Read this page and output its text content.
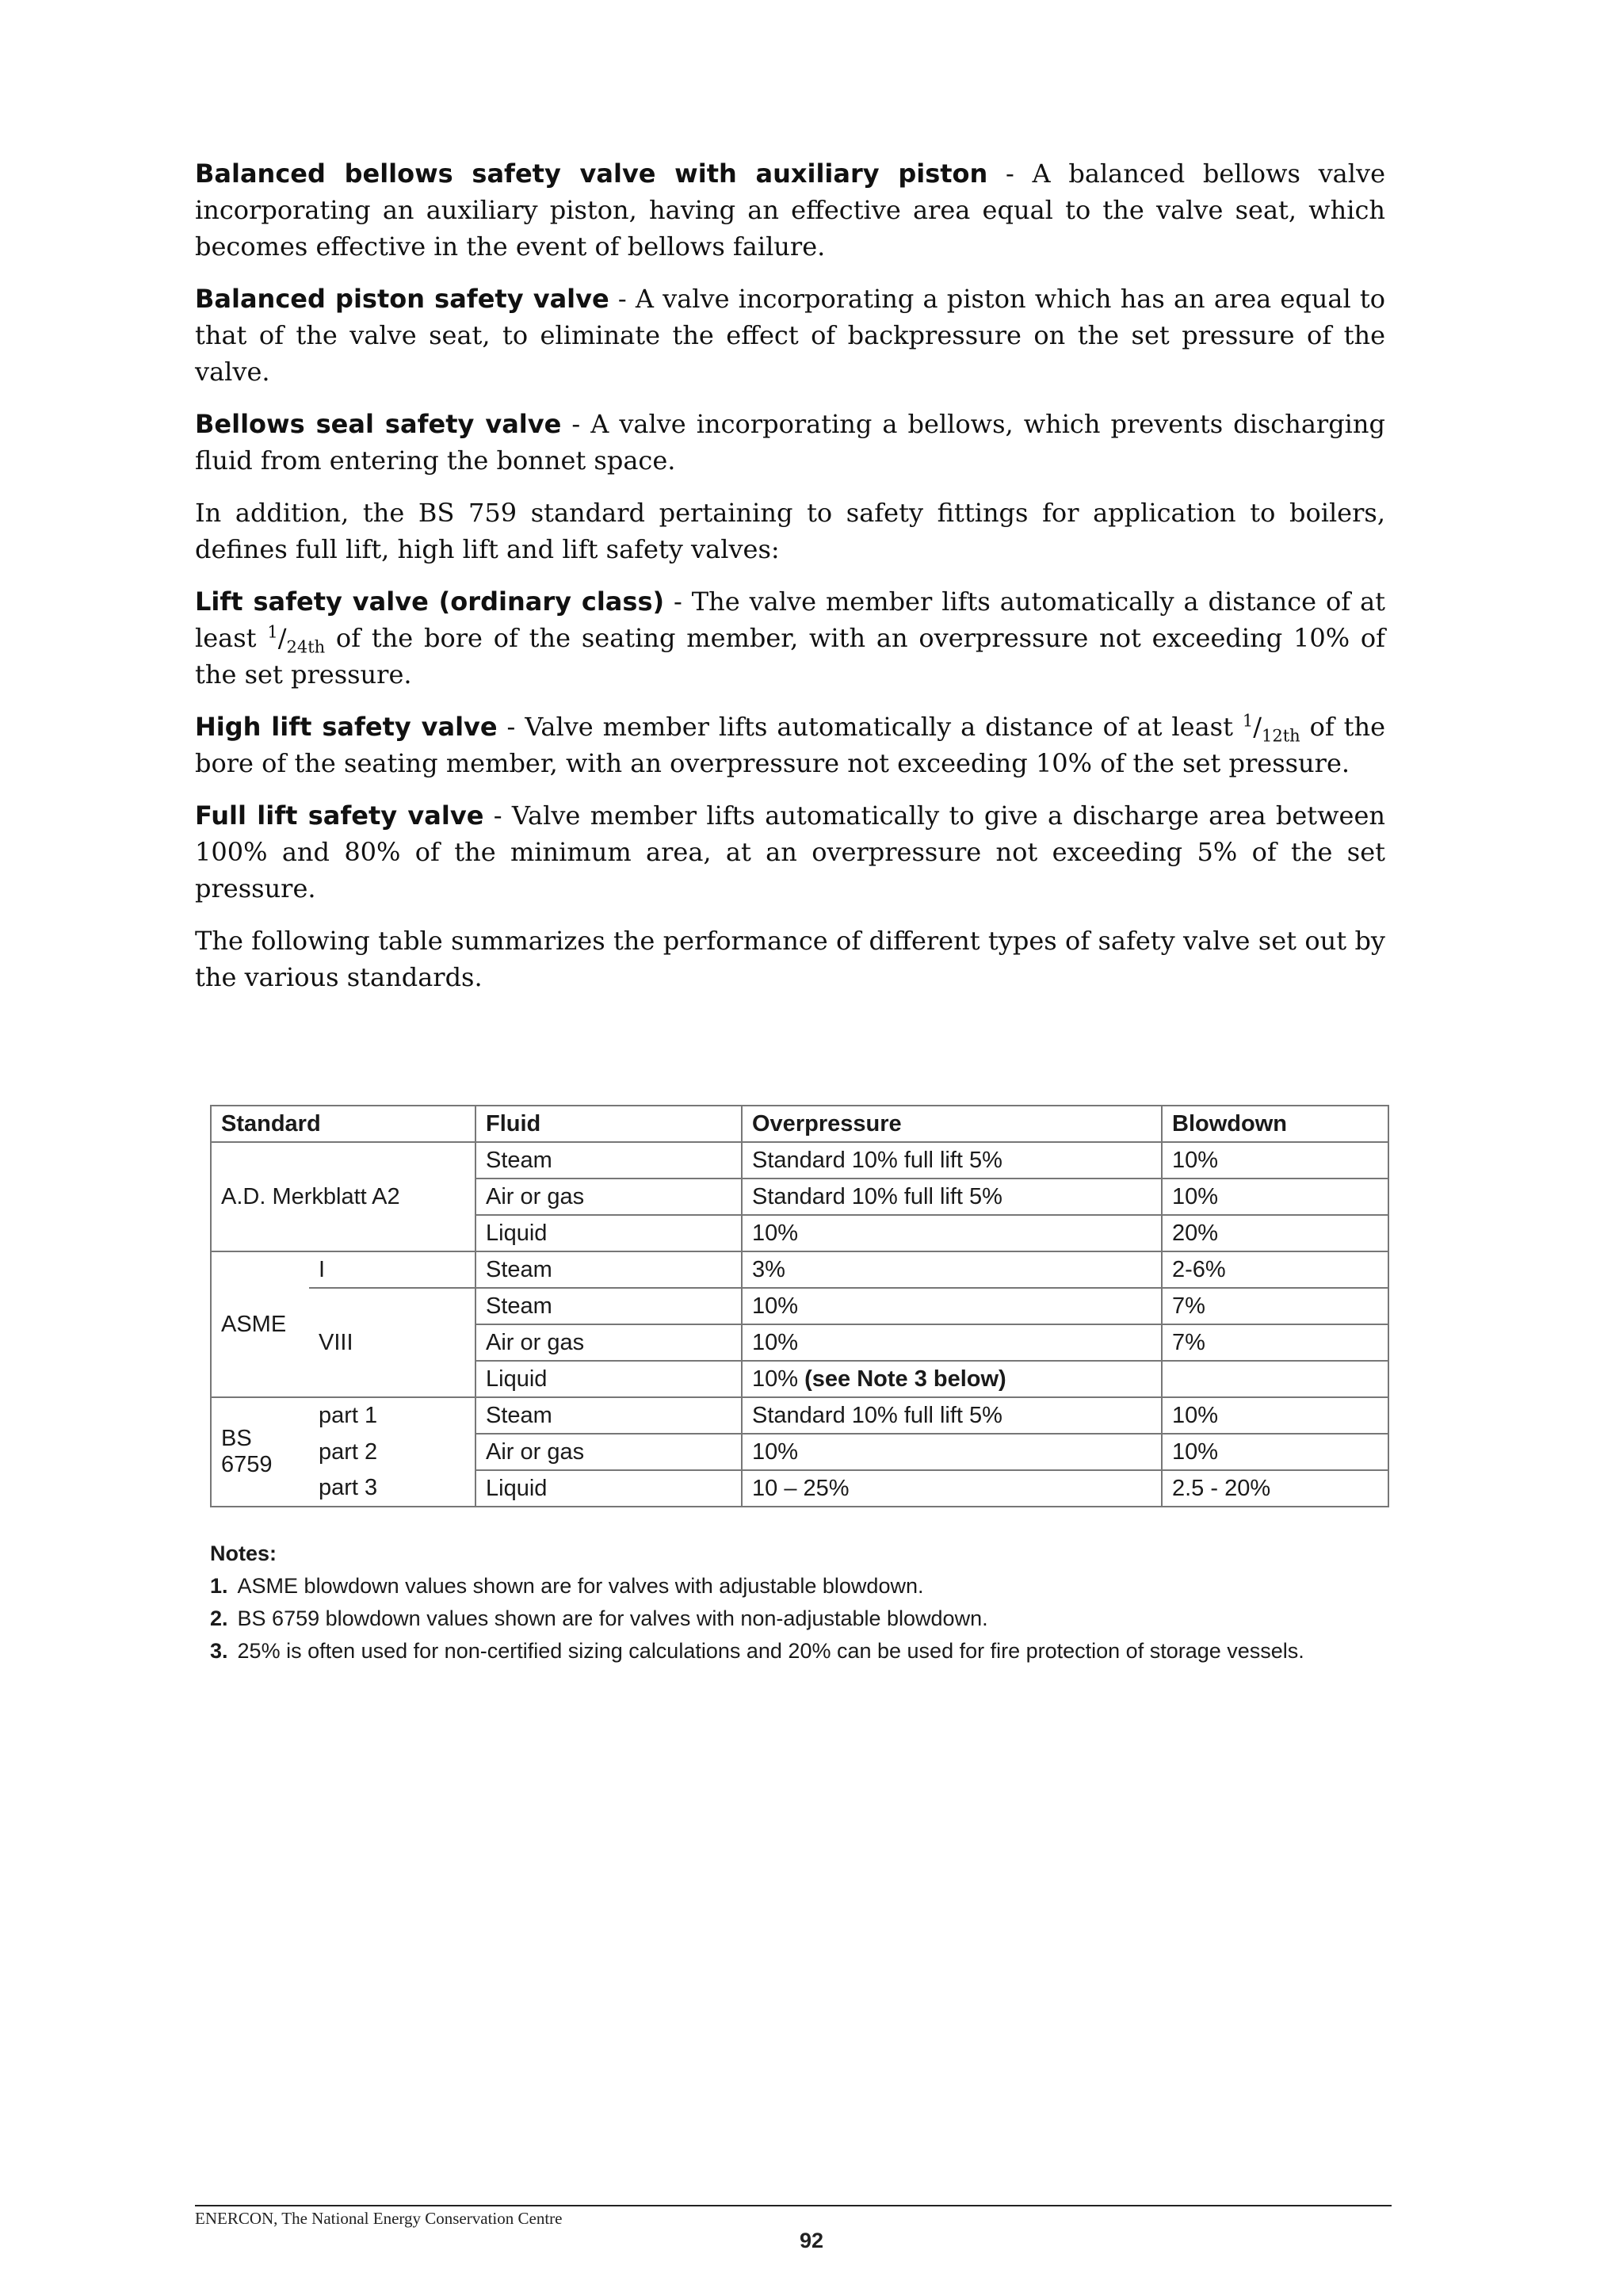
Balanced bellows safety valve with auxiliary piston - A balanced bellows valve incorporating an auxiliary piston, having an effective area equal to the valve seat, which becomes effective in the event of bellows failure.

Balanced piston safety valve - A valve incorporating a piston which has an area equal to that of the valve seat, to eliminate the effect of backpressure on the set pressure of the valve.

Bellows seal safety valve - A valve incorporating a bellows, which prevents discharging fluid from entering the bonnet space.

In addition, the BS 759 standard pertaining to safety fittings for application to boilers, defines full lift, high lift and lift safety valves:

Lift safety valve (ordinary class) - The valve member lifts automatically a distance of at least $^1/_{24th}$ of the bore of the seating member, with an overpressure not exceeding 10% of the set pressure.

High lift safety valve - Valve member lifts automatically a distance of at least $^1/_{12th}$ of the bore of the seating member, with an overpressure not exceeding 10% of the set pressure.

Full lift safety valve - Valve member lifts automatically to give a discharge area between 100% and 80% of the minimum area, at an overpressure not exceeding 5% of the set pressure.

The following table summarizes the performance of different types of safety valve set out by the various standards.

Standard		Fluid	Overpressure	Blowdown
A.D. Merkblatt A2		Steam	Standard 10% full lift 5%	10%
		Air or gas	Standard 10% full lift 5%	10%
		Liquid	10%	20%
ASME	I	Steam	3%	2-6%
	VIII	Steam	10%	7%
		Air or gas	10%	7%
		Liquid	10% (see Note 3 below)	
BS 6759	part 1	Steam	Standard 10% full lift 5%	10%
	part 2	Air or gas	10%	10%
	part 3	Liquid	10 – 25%	2.5 - 20%
Notes:
1. ASME blowdown values shown are for valves with adjustable blowdown.
2. BS 6759 blowdown values shown are for valves with non-adjustable blowdown.
3. 25% is often used for non-certified sizing calculations and 20% can be used for fire protection of storage vessels.
ENERCON, The National Energy Conservation Centre
92
